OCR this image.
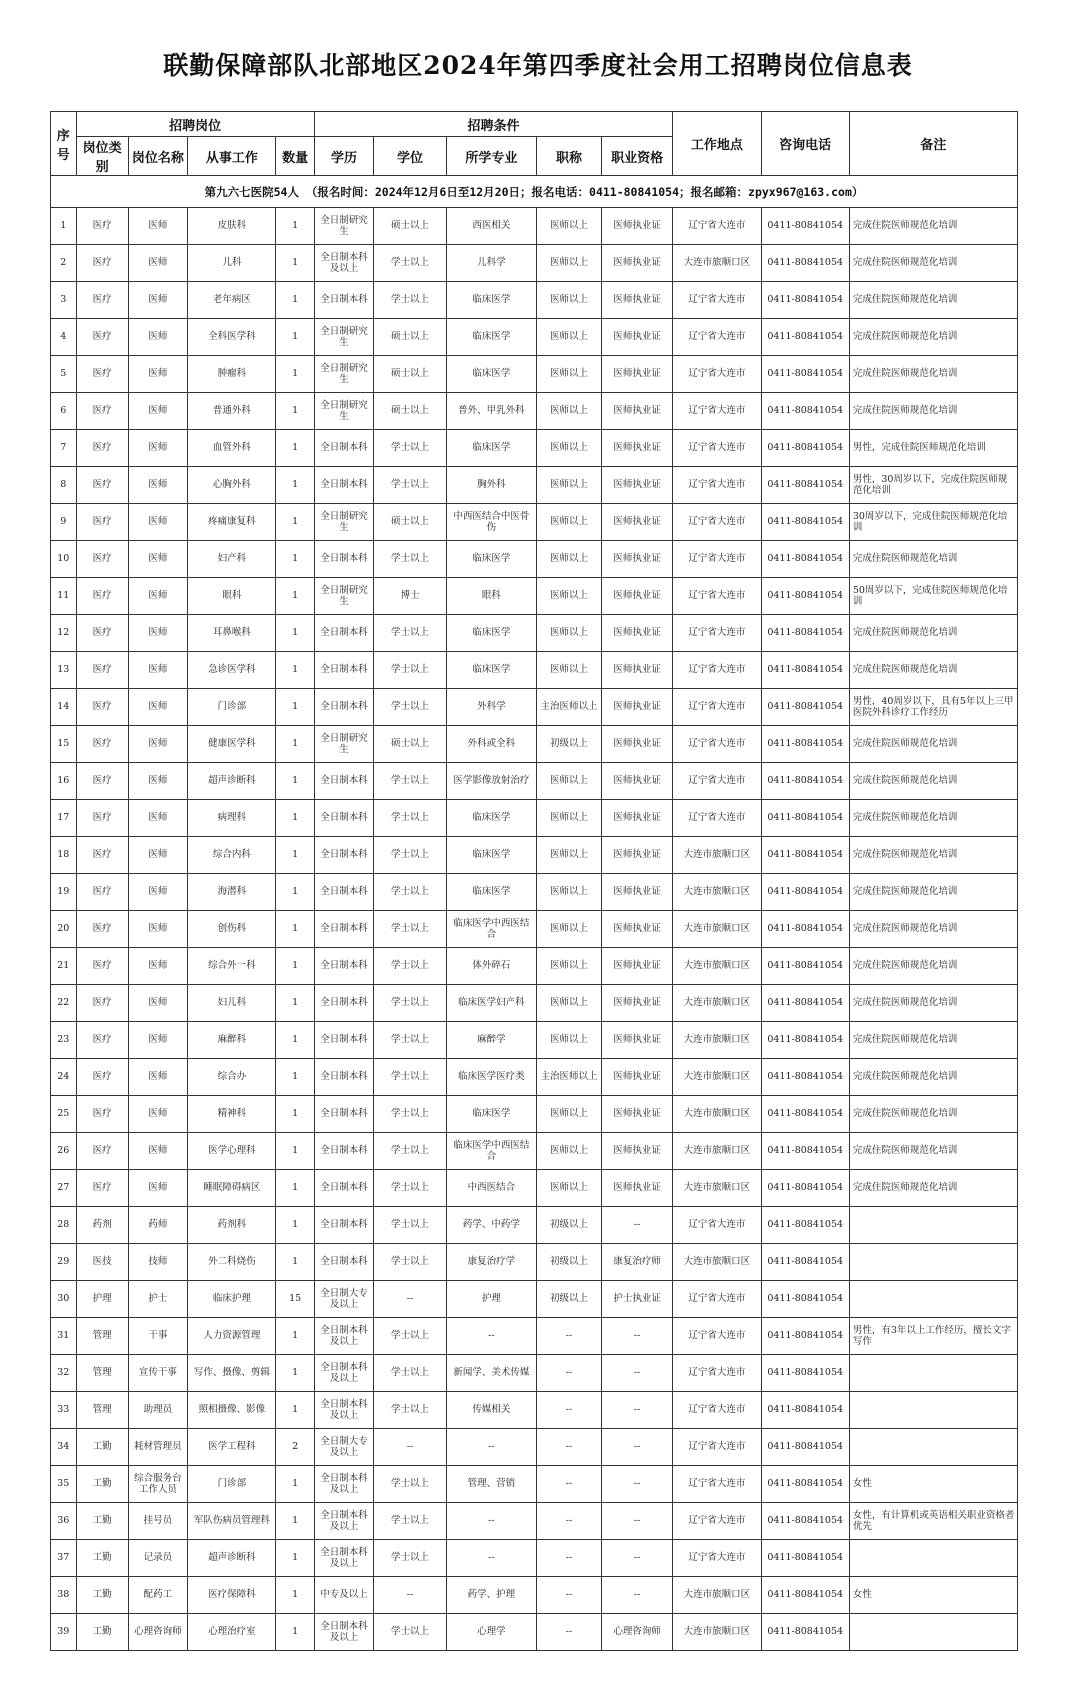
联勤保障部队北部地区2024年第四季度社会用工招聘岗位信息表
序号	招聘岗位				招聘条件					工作地点	咨询电话	备注
	岗位类别	岗位名称	从事工作	数量	学历	学位	所学专业	职称	职业资格			
第九六七医院54人 （报名时间：2024年12月6日至12月20日；报名电话：0411-80841054；报名邮箱：zpyx967@163.com）												
1	医疗	医师	皮肤科	1	全日制研究生	硕士以上	西医相关	医师以上	医师执业证	辽宁省大连市	0411-80841054	完成住院医师规范化培训
2	医疗	医师	儿科	1	全日制本科及以上	学士以上	儿科学	医师以上	医师执业证	大连市旅顺口区	0411-80841054	完成住院医师规范化培训
3	医疗	医师	老年病区	1	全日制本科	学士以上	临床医学	医师以上	医师执业证	辽宁省大连市	0411-80841054	完成住院医师规范化培训
4	医疗	医师	全科医学科	1	全日制研究生	硕士以上	临床医学	医师以上	医师执业证	辽宁省大连市	0411-80841054	完成住院医师规范化培训
5	医疗	医师	肿瘤科	1	全日制研究生	硕士以上	临床医学	医师以上	医师执业证	辽宁省大连市	0411-80841054	完成住院医师规范化培训
6	医疗	医师	普通外科	1	全日制研究生	硕士以上	普外、甲乳外科	医师以上	医师执业证	辽宁省大连市	0411-80841054	完成住院医师规范化培训
7	医疗	医师	血管外科	1	全日制本科	学士以上	临床医学	医师以上	医师执业证	辽宁省大连市	0411-80841054	男性，完成住院医师规范化培训
8	医疗	医师	心胸外科	1	全日制本科	学士以上	胸外科	医师以上	医师执业证	辽宁省大连市	0411-80841054	男性，30周岁以下，完成住院医师规范化培训
9	医疗	医师	疼痛康复科	1	全日制研究生	硕士以上	中西医结合中医骨伤	医师以上	医师执业证	辽宁省大连市	0411-80841054	30周岁以下，完成住院医师规范化培训
10	医疗	医师	妇产科	1	全日制本科	学士以上	临床医学	医师以上	医师执业证	辽宁省大连市	0411-80841054	完成住院医师规范化培训
11	医疗	医师	眼科	1	全日制研究生	博士	眼科	医师以上	医师执业证	辽宁省大连市	0411-80841054	50周岁以下，完成住院医师规范化培训
12	医疗	医师	耳鼻喉科	1	全日制本科	学士以上	临床医学	医师以上	医师执业证	辽宁省大连市	0411-80841054	完成住院医师规范化培训
13	医疗	医师	急诊医学科	1	全日制本科	学士以上	临床医学	医师以上	医师执业证	辽宁省大连市	0411-80841054	完成住院医师规范化培训
14	医疗	医师	门诊部	1	全日制本科	学士以上	外科学	主治医师以上	医师执业证	辽宁省大连市	0411-80841054	男性，40周岁以下，具有5年以上三甲医院外科诊疗工作经历
15	医疗	医师	健康医学科	1	全日制研究生	硕士以上	外科或全科	初级以上	医师执业证	辽宁省大连市	0411-80841054	完成住院医师规范化培训
16	医疗	医师	超声诊断科	1	全日制本科	学士以上	医学影像放射治疗	医师以上	医师执业证	辽宁省大连市	0411-80841054	完成住院医师规范化培训
17	医疗	医师	病理科	1	全日制本科	学士以上	临床医学	医师以上	医师执业证	辽宁省大连市	0411-80841054	完成住院医师规范化培训
18	医疗	医师	综合内科	1	全日制本科	学士以上	临床医学	医师以上	医师执业证	大连市旅顺口区	0411-80841054	完成住院医师规范化培训
19	医疗	医师	海潜科	1	全日制本科	学士以上	临床医学	医师以上	医师执业证	大连市旅顺口区	0411-80841054	完成住院医师规范化培训
20	医疗	医师	创伤科	1	全日制本科	学士以上	临床医学中西医结合	医师以上	医师执业证	大连市旅顺口区	0411-80841054	完成住院医师规范化培训
21	医疗	医师	综合外一科	1	全日制本科	学士以上	体外碎石	医师以上	医师执业证	大连市旅顺口区	0411-80841054	完成住院医师规范化培训
22	医疗	医师	妇儿科	1	全日制本科	学士以上	临床医学妇产科	医师以上	医师执业证	大连市旅顺口区	0411-80841054	完成住院医师规范化培训
23	医疗	医师	麻醉科	1	全日制本科	学士以上	麻醉学	医师以上	医师执业证	大连市旅顺口区	0411-80841054	完成住院医师规范化培训
24	医疗	医师	综合办	1	全日制本科	学士以上	临床医学医疗类	主治医师以上	医师执业证	大连市旅顺口区	0411-80841054	完成住院医师规范化培训
25	医疗	医师	精神科	1	全日制本科	学士以上	临床医学	医师以上	医师执业证	大连市旅顺口区	0411-80841054	完成住院医师规范化培训
26	医疗	医师	医学心理科	1	全日制本科	学士以上	临床医学中西医结合	医师以上	医师执业证	大连市旅顺口区	0411-80841054	完成住院医师规范化培训
27	医疗	医师	睡眠障碍病区	1	全日制本科	学士以上	中西医结合	医师以上	医师执业证	大连市旅顺口区	0411-80841054	完成住院医师规范化培训
28	药剂	药师	药剂科	1	全日制本科	学士以上	药学、中药学	初级以上	--	辽宁省大连市	0411-80841054	
29	医技	技师	外二科烧伤	1	全日制本科	学士以上	康复治疗学	初级以上	康复治疗师	大连市旅顺口区	0411-80841054	
30	护理	护士	临床护理	15	全日制大专及以上	--	护理	初级以上	护士执业证	辽宁省大连市	0411-80841054	
31	管理	干事	人力资源管理	1	全日制本科及以上	学士以上	--	--	--	辽宁省大连市	0411-80841054	男性，有3年以上工作经历，擅长文字写作
32	管理	宣传干事	写作、摄像、剪辑	1	全日制本科及以上	学士以上	新闻学、美术传媒	--	--	辽宁省大连市	0411-80841054	
33	管理	助理员	照相摄像、影像	1	全日制本科及以上	学士以上	传媒相关	--	--	辽宁省大连市	0411-80841054	
34	工勤	耗材管理员	医学工程科	2	全日制大专及以上	--	--	--	--	辽宁省大连市	0411-80841054	
35	工勤	综合服务台工作人员	门诊部	1	全日制本科及以上	学士以上	管理、营销	--	--	辽宁省大连市	0411-80841054	女性
36	工勤	挂号员	军队伤病员管理科	1	全日制本科及以上	学士以上	--	--	--	辽宁省大连市	0411-80841054	女性，有计算机或英语相关职业资格者优先
37	工勤	记录员	超声诊断科	1	全日制本科及以上	学士以上	--	--	--	辽宁省大连市	0411-80841054	
38	工勤	配药工	医疗保障科	1	中专及以上	--	药学、护理	--	--	大连市旅顺口区	0411-80841054	女性
39	工勤	心理咨询师	心理治疗室	1	全日制本科及以上	学士以上	心理学	--	心理咨询师	大连市旅顺口区	0411-80841054	
